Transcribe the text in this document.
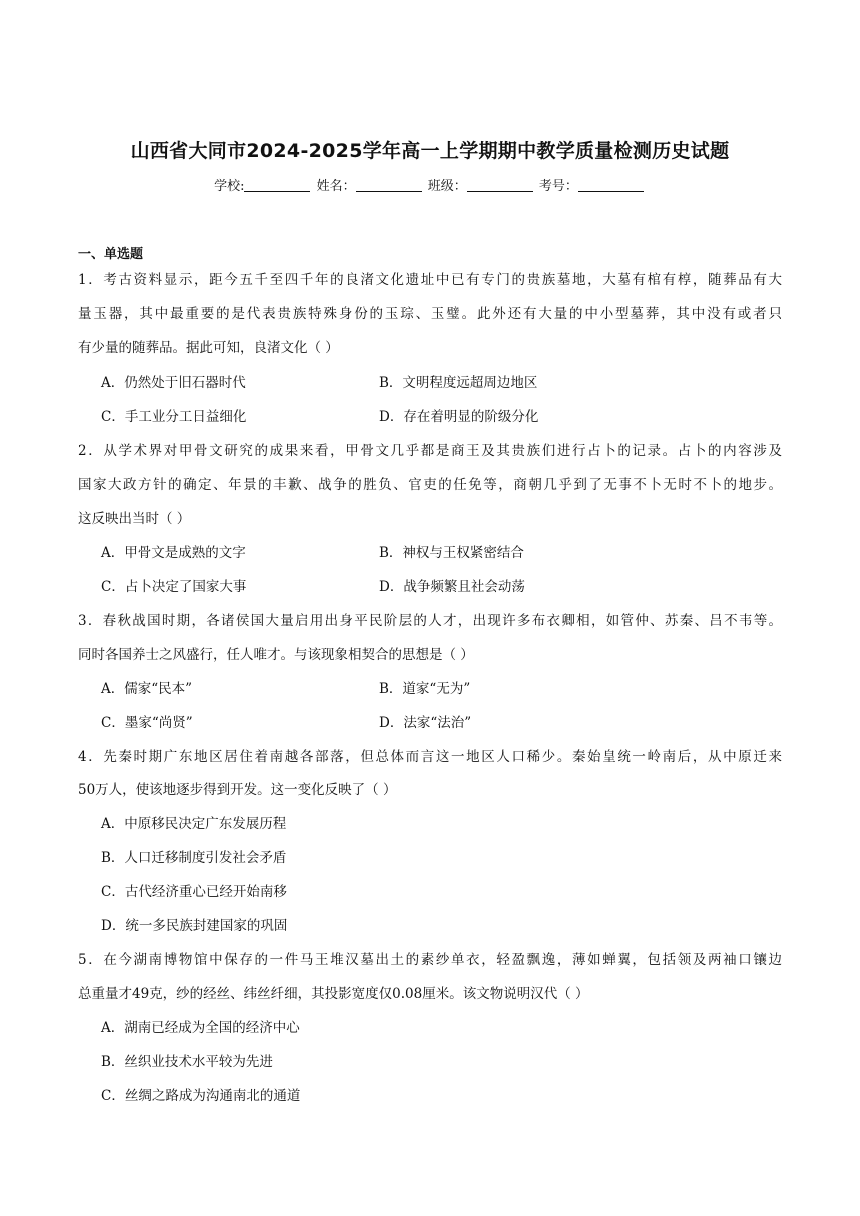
山西省大同市2024-2025学年高一上学期期中教学质量检测历史试题
学校:	姓名：	班级：	考号：
一、单选题
1．考古资料显示，距今五千至四千年的良渚文化遗址中已有专门的贵族墓地，大墓有棺有椁，随葬品有大
量玉器，其中最重要的是代表贵族特殊身份的玉琮、玉璧。此外还有大量的中小型墓葬，其中没有或者只
有少量的随葬品。据此可知，良渚文化（ ）
A．仍然处于旧石器时代	B．文明程度远超周边地区
C．手工业分工日益细化	D．存在着明显的阶级分化
2．从学术界对甲骨文研究的成果来看，甲骨文几乎都是商王及其贵族们进行占卜的记录。占卜的内容涉及
国家大政方针的确定、年景的丰歉、战争的胜负、官吏的任免等，商朝几乎到了无事不卜无时不卜的地步。
这反映出当时（ ）
A．甲骨文是成熟的文字	B．神权与王权紧密结合
C．占卜决定了国家大事	D．战争频繁且社会动荡
3．春秋战国时期，各诸侯国大量启用出身平民阶层的人才，出现许多布衣卿相，如管仲、苏秦、吕不韦等。
同时各国养士之风盛行，任人唯才。与该现象相契合的思想是（ ）
A．儒家“民本”	B．道家“无为”
C．墨家“尚贤”	D．法家“法治”
4．先秦时期广东地区居住着南越各部落，但总体而言这一地区人口稀少。秦始皇统一岭南后，从中原迁来
50万人，使该地逐步得到开发。这一变化反映了（ ）
A．中原移民决定广东发展历程
B．人口迁移制度引发社会矛盾
C．古代经济重心已经开始南移
D．统一多民族封建国家的巩固
5．在今湖南博物馆中保存的一件马王堆汉墓出土的素纱单衣，轻盈飘逸，薄如蝉翼，包括领及两袖口镶边
总重量才49克，纱的经丝、纬丝纤细，其投影宽度仅0.08厘米。该文物说明汉代（ ）
A．湖南已经成为全国的经济中心
B．丝织业技术水平较为先进
C．丝绸之路成为沟通南北的通道
